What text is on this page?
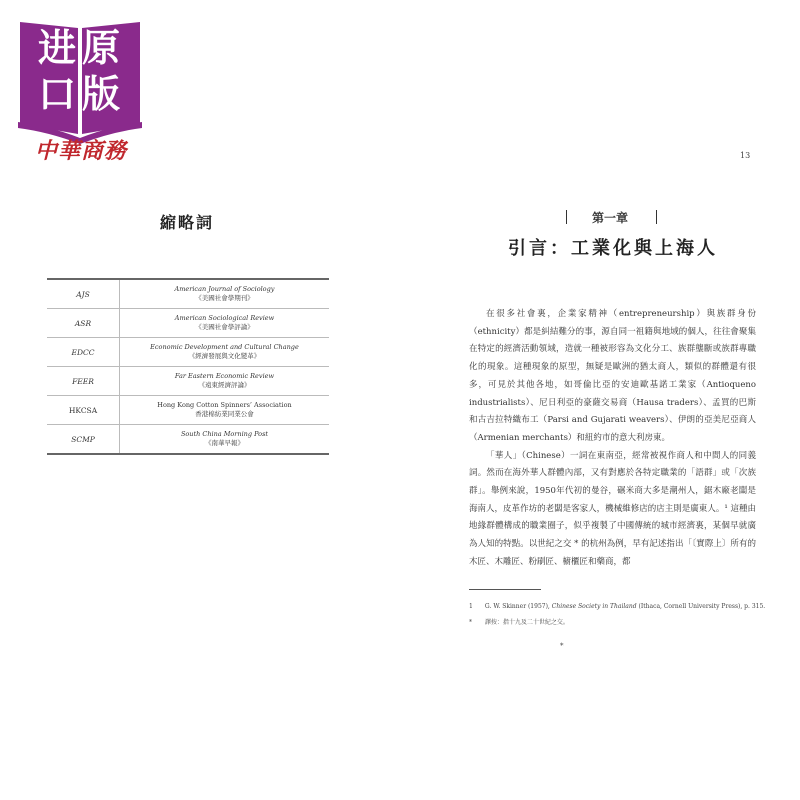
进 原
口 版
中華商務	13
縮略詞
AJS	American Journal of Sociology
《美國社會學期刊》

ASR	American Sociological Review
《美國社會學評論》

EDCC	Economic Development and Cultural Change
《經濟發展與文化變革》

FEER	Far Eastern Economic Review
《遠東經濟評論》

HKCSA	Hong Kong Cotton Spinners’ Association
香港棉紡業同業公會

SCMP	South China Morning Post
《南華早報》
第一章
引言：工業化與上海人

在很多社會裏，企業家精神（entrepreneurship）與族群身份（ethnicity）都是糾結難分的事，源自同一祖籍與地域的個人，往往會聚集在特定的經濟活動領域，造就一種被形容為文化分工、族群壟斷或族群專職化的現象。這種現象的原型，無疑是歐洲的猶太商人，類似的群體還有很多，可見於其他各地，如哥倫比亞的安迪歐基諾工業家（Antioqueno industrialists）、尼日利亞的豪薩交易商（Hausa traders）、孟買的巴斯和古吉拉特織布工（Parsi and Gujarati weavers）、伊朗的亞美尼亞商人（Armenian merchants）和紐約市的意大利房東。

「華人」（Chinese）一詞在東南亞，經常被視作商人和中間人的同義詞。然而在海外華人群體內部，又有對應於各特定職業的「語群」或「次族群」。舉例來說，1950年代初的曼谷，碾米商大多是潮州人，鋸木廠老闆是海南人，皮革作坊的老闆是客家人，機械維修店的店主則是廣東人。¹ 這種由地緣群體構成的職業圈子，似乎複製了中國傳統的城市經濟裏，某個早就廣為人知的特點。以世紀之交 * 的杭州為例，早有記述指出「〔實際上〕所有的木匠、木雕匠、粉刷匠、櫥櫃匠和藥商，都

1 G. W. Skinner (1957), Chinese Society in Thailand (Ithaca, Cornell University Press), p. 315.
* 譯按：指十九及二十世紀之交。
*
